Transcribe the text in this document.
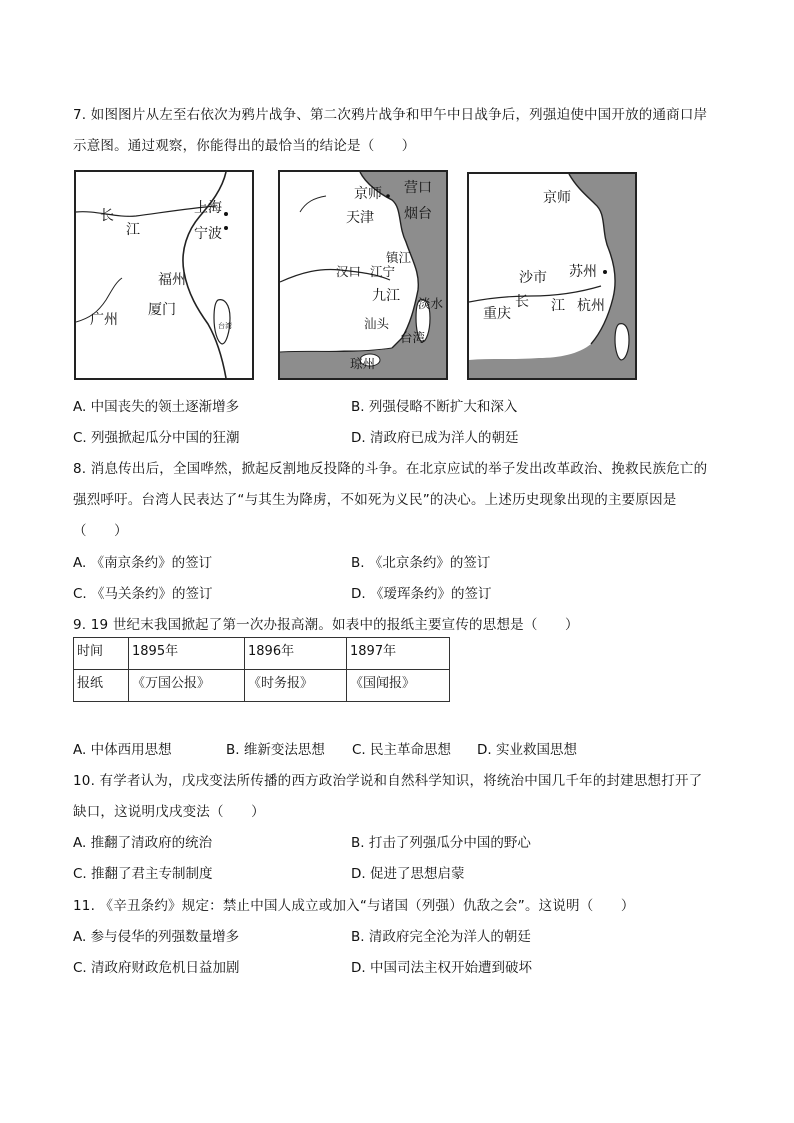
7. 如图图片从左至右依次为鸦片战争、第二次鸦片战争和甲午中日战争后，列强迫使中国开放的通商口岸
示意图。通过观察，你能得出的最恰当的结论是（　　）
长
江
上海
宁波
福州
厦门
广州	台湾
京师
天津
营口
烟台
镇江
汉口 江宁
九江 淡水
汕头
台湾
琼州
京师
沙市 苏州
重庆
长 江 杭州
A. 中国丧失的领土逐渐增多	B. 列强侵略不断扩大和深入
C. 列强掀起瓜分中国的狂潮	D. 清政府已成为洋人的朝廷
8. 消息传出后，全国哗然，掀起反割地反投降的斗争。在北京应试的举子发出改革政治、挽救民族危亡的
强烈呼吁。台湾人民表达了“与其生为降虏，不如死为义民”的决心。上述历史现象出现的主要原因是
（　　）
A. 《南京条约》的签订	B. 《北京条约》的签订
C. 《马关条约》的签订	D. 《瑷珲条约》的签订
9. 19 世纪末我国掀起了第一次办报高潮。如表中的报纸主要宣传的思想是（　　）
时间	1895年	1896年	1897年
报纸	《万国公报》	《时务报》	《国闻报》
A. 中体西用思想	B. 维新变法思想 C. 民主革命思想 D. 实业救国思想
10. 有学者认为，戊戌变法所传播的西方政治学说和自然科学知识，将统治中国几千年的封建思想打开了
缺口，这说明戊戌变法（　　）
A. 推翻了清政府的统治	B. 打击了列强瓜分中国的野心
C. 推翻了君主专制制度	D. 促进了思想启蒙
11. 《辛丑条约》规定：禁止中国人成立或加入“与诸国（列强）仇敌之会”。这说明（　　）
A. 参与侵华的列强数量增多	B. 清政府完全沦为洋人的朝廷
C. 清政府财政危机日益加剧	D. 中国司法主权开始遭到破坏
